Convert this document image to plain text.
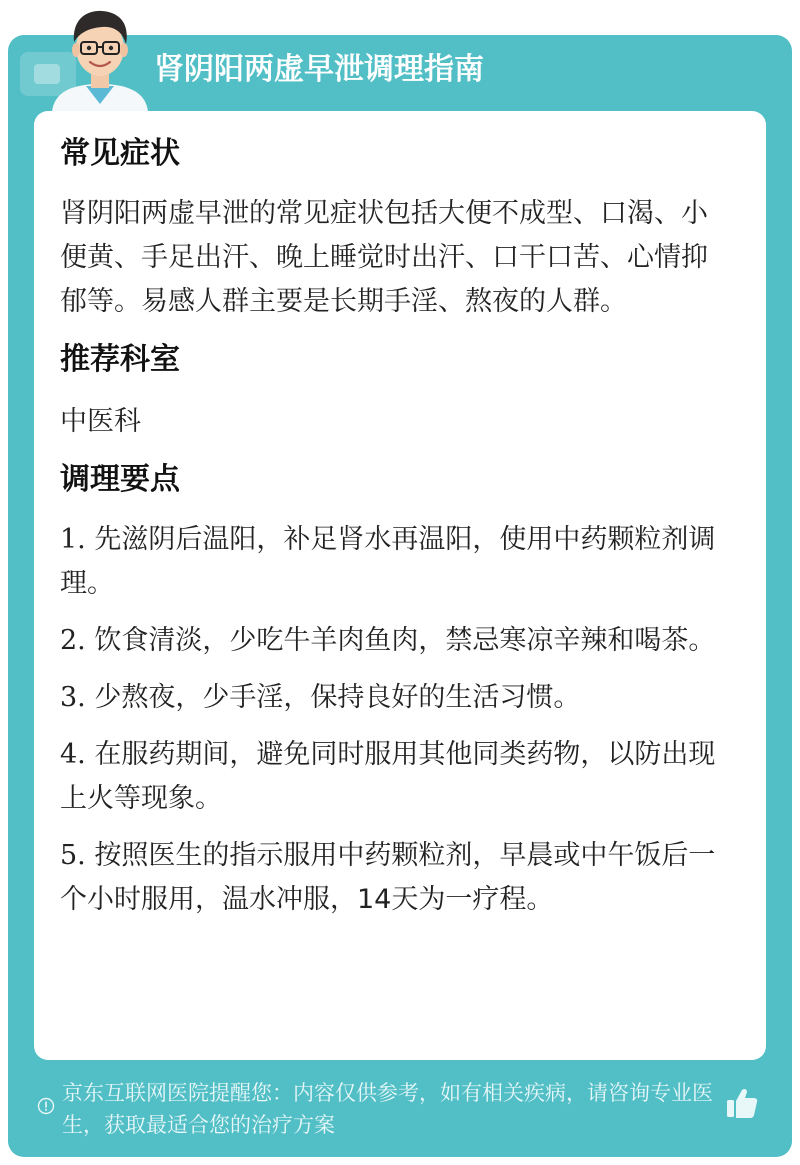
肾阴阳两虚早泄调理指南
常见症状

肾阴阳两虚早泄的常见症状包括大便不成型、口渴、小便黄、手足出汗、晚上睡觉时出汗、口干口苦、心情抑郁等。易感人群主要是长期手淫、熬夜的人群。

推荐科室

中医科

调理要点
1. 先滋阴后温阳，补足肾水再温阳，使用中药颗粒剂调理。
2. 饮食清淡，少吃牛羊肉鱼肉，禁忌寒凉辛辣和喝茶。
3. 少熬夜，少手淫，保持良好的生活习惯。
4. 在服药期间，避免同时服用其他同类药物，以防出现上火等现象。
5. 按照医生的指示服用中药颗粒剂，早晨或中午饭后一个小时服用，温水冲服，14天为一疗程。
京东互联网医院提醒您：内容仅供参考，如有相关疾病，请咨询专业医生，获取最适合您的治疗方案
